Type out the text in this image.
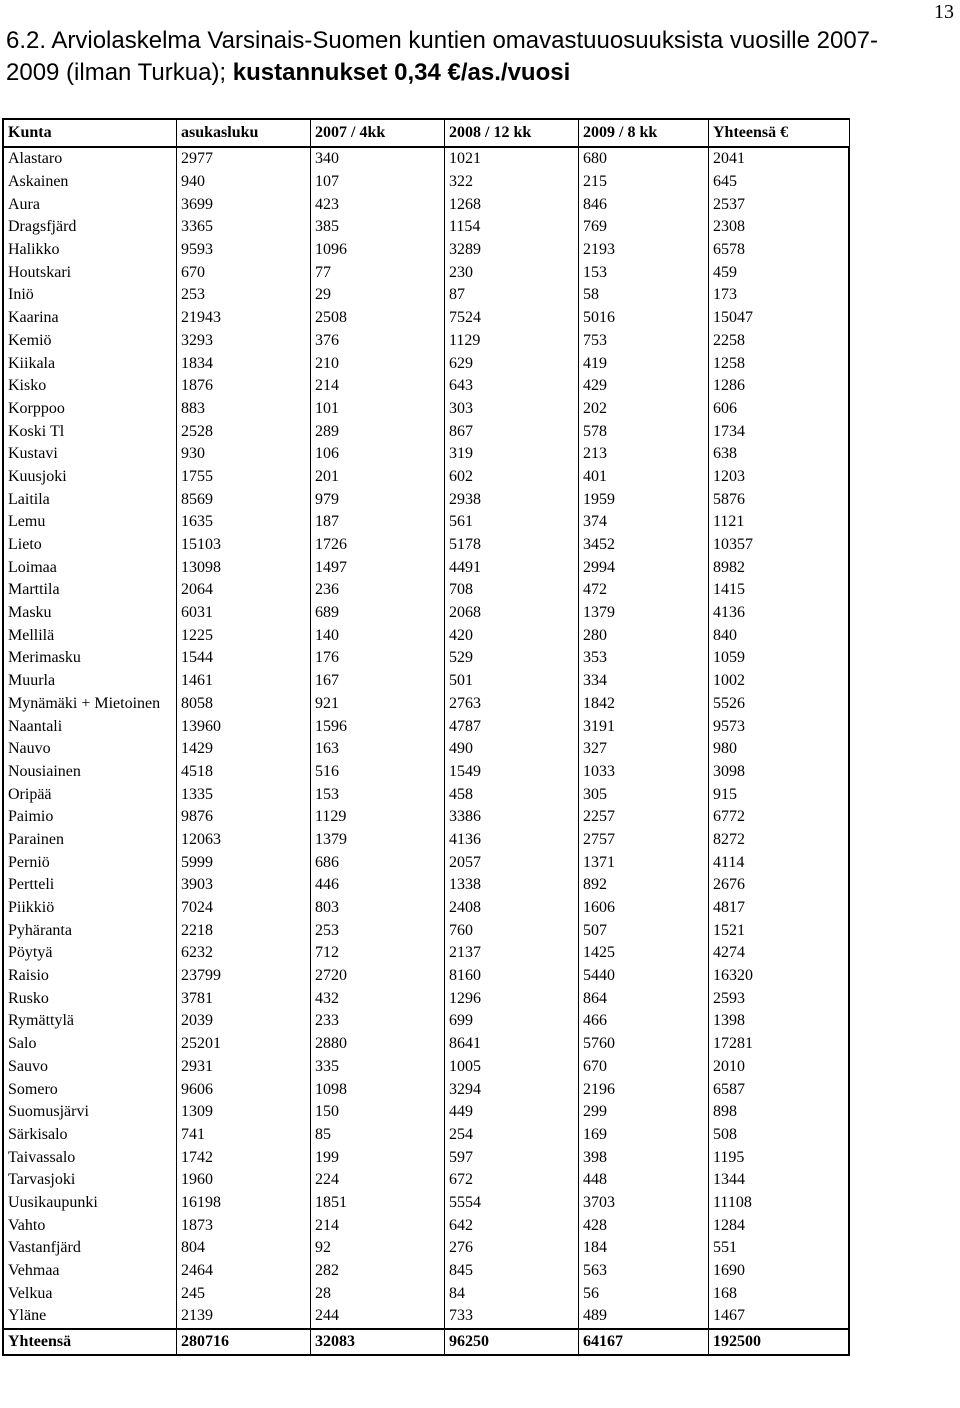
13
6.2. Arviolaskelma Varsinais-Suomen kuntien omavastuuosuuksista vuosille 2007-
2009 (ilman Turkua); kustannukset 0,34 €/as./vuosi
Kunta	asukasluku	2007 / 4kk	2008 / 12 kk	2009 / 8 kk	Yhteensä €
Alastaro	2977	340	1021	680	2041
Askainen	940	107	322	215	645
Aura	3699	423	1268	846	2537
Dragsfjärd	3365	385	1154	769	2308
Halikko	9593	1096	3289	2193	6578
Houtskari	670	77	230	153	459
Iniö	253	29	87	58	173
Kaarina	21943	2508	7524	5016	15047
Kemiö	3293	376	1129	753	2258
Kiikala	1834	210	629	419	1258
Kisko	1876	214	643	429	1286
Korppoo	883	101	303	202	606
Koski Tl	2528	289	867	578	1734
Kustavi	930	106	319	213	638
Kuusjoki	1755	201	602	401	1203
Laitila	8569	979	2938	1959	5876
Lemu	1635	187	561	374	1121
Lieto	15103	1726	5178	3452	10357
Loimaa	13098	1497	4491	2994	8982
Marttila	2064	236	708	472	1415
Masku	6031	689	2068	1379	4136
Mellilä	1225	140	420	280	840
Merimasku	1544	176	529	353	1059
Muurla	1461	167	501	334	1002
Mynämäki + Mietoinen	8058	921	2763	1842	5526
Naantali	13960	1596	4787	3191	9573
Nauvo	1429	163	490	327	980
Nousiainen	4518	516	1549	1033	3098
Oripää	1335	153	458	305	915
Paimio	9876	1129	3386	2257	6772
Parainen	12063	1379	4136	2757	8272
Perniö	5999	686	2057	1371	4114
Pertteli	3903	446	1338	892	2676
Piikkiö	7024	803	2408	1606	4817
Pyhäranta	2218	253	760	507	1521
Pöytyä	6232	712	2137	1425	4274
Raisio	23799	2720	8160	5440	16320
Rusko	3781	432	1296	864	2593
Rymättylä	2039	233	699	466	1398
Salo	25201	2880	8641	5760	17281
Sauvo	2931	335	1005	670	2010
Somero	9606	1098	3294	2196	6587
Suomusjärvi	1309	150	449	299	898
Särkisalo	741	85	254	169	508
Taivassalo	1742	199	597	398	1195
Tarvasjoki	1960	224	672	448	1344
Uusikaupunki	16198	1851	5554	3703	11108
Vahto	1873	214	642	428	1284
Vastanfjärd	804	92	276	184	551
Vehmaa	2464	282	845	563	1690
Velkua	245	28	84	56	168
Yläne	2139	244	733	489	1467
Yhteensä	280716	32083	96250	64167	192500
